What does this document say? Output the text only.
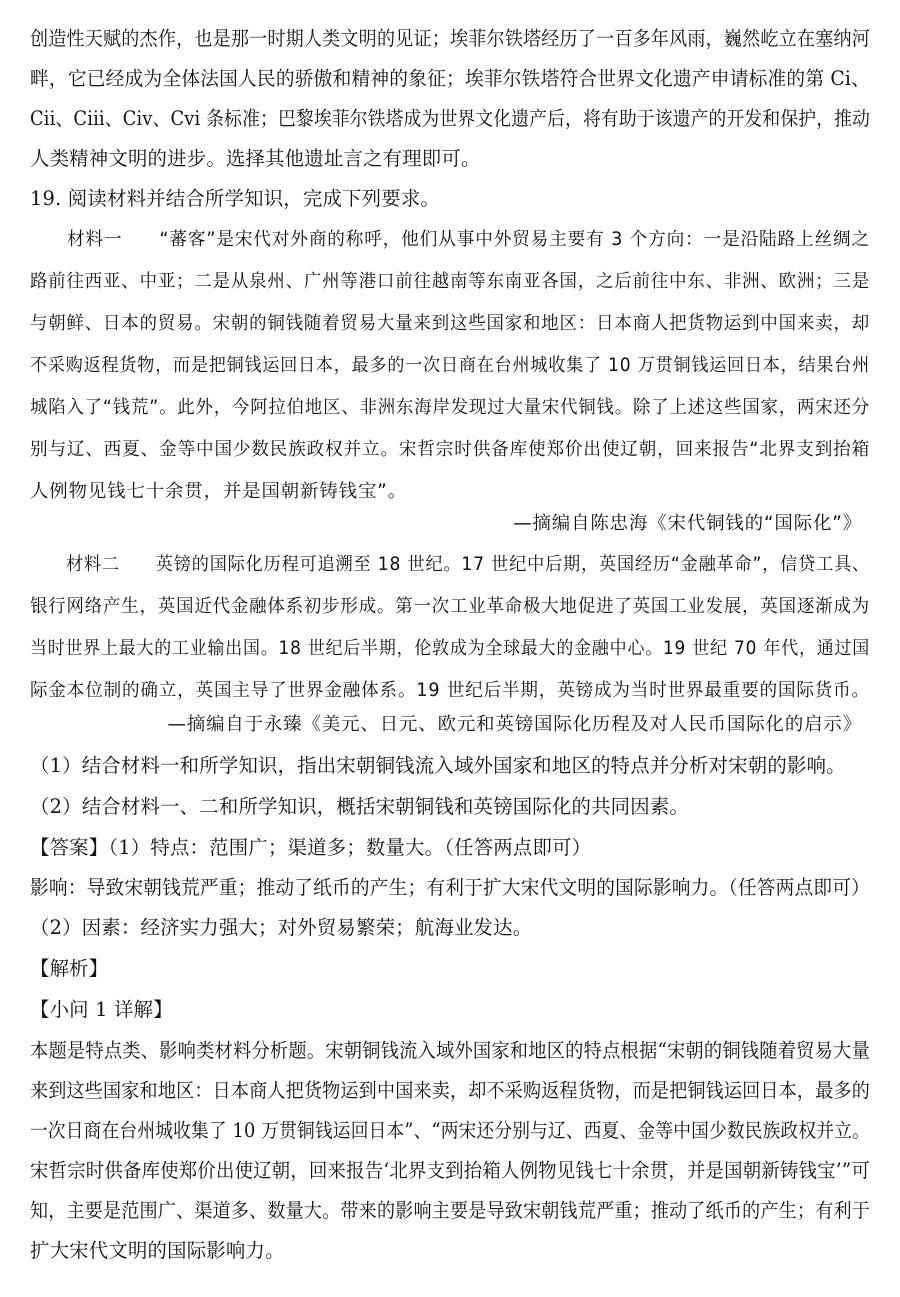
创造性天赋的杰作，也是那一时期人类文明的见证；埃菲尔铁塔经历了一百多年风雨，巍然屹立在塞纳河
畔，它已经成为全体法国人民的骄傲和精神的象征；埃菲尔铁塔符合世界文化遗产申请标准的第 Ci、
Cii、Ciii、Civ、Cvi 条标准；巴黎埃菲尔铁塔成为世界文化遗产后，将有助于该遗产的开发和保护，推动
人类精神文明的进步。选择其他遗址言之有理即可。
19. 阅读材料并结合所学知识，完成下列要求。
　　材料一　　“蕃客”是宋代对外商的称呼，他们从事中外贸易主要有 3 个方向：一是沿陆路上丝绸之
路前往西亚、中亚；二是从泉州、广州等港口前往越南等东南亚各国，之后前往中东、非洲、欧洲；三是
与朝鲜、日本的贸易。宋朝的铜钱随着贸易大量来到这些国家和地区：日本商人把货物运到中国来卖，却
不采购返程货物，而是把铜钱运回日本，最多的一次日商在台州城收集了 10 万贯铜钱运回日本，结果台州
城陷入了“钱荒”。此外，今阿拉伯地区、非洲东海岸发现过大量宋代铜钱。除了上述这些国家，两宋还分
别与辽、西夏、金等中国少数民族政权并立。宋哲宗时供备库使郑价出使辽朝，回来报告“北界支到抬箱
人例物见钱七十余贯，并是国朝新铸钱宝”。
—摘编自陈忠海《宋代铜钱的“国际化”》
　　材料二　　英镑的国际化历程可追溯至 18 世纪。17 世纪中后期，英国经历“金融革命”，信贷工具、
银行网络产生，英国近代金融体系初步形成。第一次工业革命极大地促进了英国工业发展，英国逐渐成为
当时世界上最大的工业输出国。18 世纪后半期，伦敦成为全球最大的金融中心。19 世纪 70 年代，通过国
际金本位制的确立，英国主导了世界金融体系。19 世纪后半期，英镑成为当时世界最重要的国际货币。
—摘编自于永臻《美元、日元、欧元和英镑国际化历程及对人民币国际化的启示》
（1）结合材料一和所学知识，指出宋朝铜钱流入域外国家和地区的特点并分析对宋朝的影响。
（2）结合材料一、二和所学知识，概括宋朝铜钱和英镑国际化的共同因素。
【答案】（1）特点：范围广；渠道多；数量大。（任答两点即可）
影响：导致宋朝钱荒严重；推动了纸币的产生；有利于扩大宋代文明的国际影响力。（任答两点即可）
（2）因素：经济实力强大；对外贸易繁荣；航海业发达。
【解析】
【小问 1 详解】
本题是特点类、影响类材料分析题。宋朝铜钱流入域外国家和地区的特点根据“宋朝的铜钱随着贸易大量
来到这些国家和地区：日本商人把货物运到中国来卖，却不采购返程货物，而是把铜钱运回日本，最多的
一次日商在台州城收集了 10 万贯铜钱运回日本”、“两宋还分别与辽、西夏、金等中国少数民族政权并立。
宋哲宗时供备库使郑价出使辽朝，回来报告‘北界支到抬箱人例物见钱七十余贯，并是国朝新铸钱宝’”可
知，主要是范围广、渠道多、数量大。带来的影响主要是导致宋朝钱荒严重；推动了纸币的产生；有利于
扩大宋代文明的国际影响力。
